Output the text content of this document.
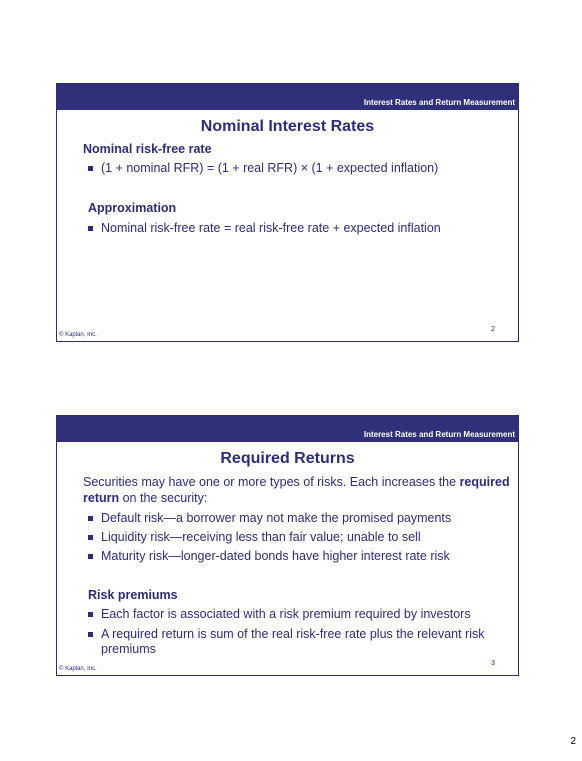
Interest Rates and Return Measurement
Nominal Interest Rates
Nominal risk-free rate
(1 + nominal RFR) = (1 + real RFR) × (1 + expected inflation)
Approximation
Nominal risk-free rate = real risk-free rate + expected inflation
© Kaplan, Inc.
2
Interest Rates and Return Measurement
Required Returns
Securities may have one or more types of risks. Each increases the required return on the security:
Default risk—a borrower may not make the promised payments
Liquidity risk—receiving less than fair value; unable to sell
Maturity risk—longer-dated bonds have higher interest rate risk
Risk premiums
Each factor is associated with a risk premium required by investors
A required return is sum of the real risk-free rate plus the relevant risk premiums
© Kaplan, Inc.
3
2
